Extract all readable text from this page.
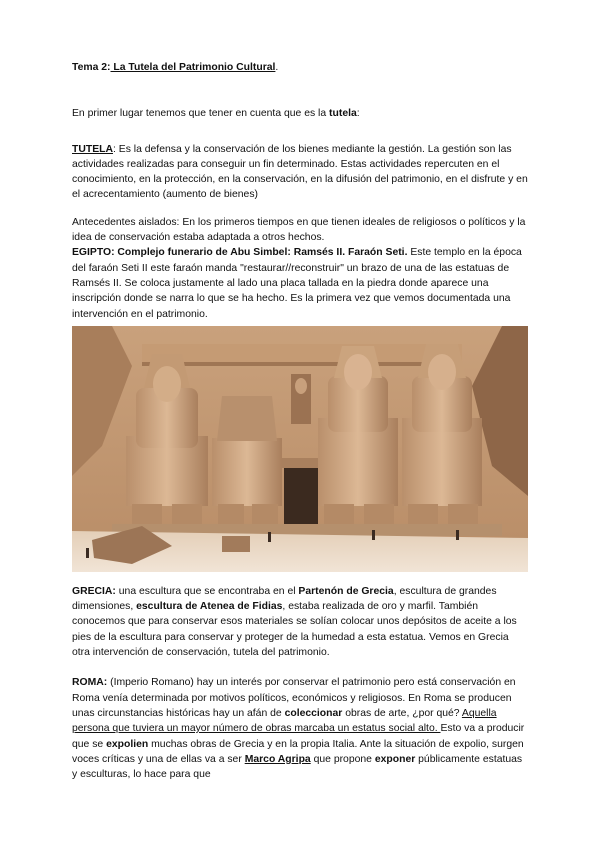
Tema 2: La Tutela del Patrimonio Cultural.

En primer lugar tenemos que tener en cuenta que es la tutela:

TUTELA: Es la defensa y la conservación de los bienes mediante la gestión. La gestión son las actividades realizadas para conseguir un fin determinado. Estas actividades repercuten en el conocimiento, en la protección, en la conservación, en la difusión del patrimonio, en el disfrute y en el acrecentamiento (aumento de bienes)

Antecedentes aislados: En los primeros tiempos en que tienen ideales de religiosos o políticos y la idea de conservación estaba adaptada a otros hechos.

EGIPTO: Complejo funerario de Abu Simbel: Ramsés II. Faraón Seti. Este templo en la época del faraón Seti II este faraón manda "restaurar//reconstruir" un brazo de una de las estatuas de Ramsés II. Se coloca justamente al lado una placa tallada en la piedra donde aparece una inscripción donde se narra lo que se ha hecho. Es la primera vez que vemos documentada una intervención en el patrimonio.

GRECIA: una escultura que se encontraba en el Partenón de Grecia, escultura de grandes dimensiones, escultura de Atenea de Fidias, estaba realizada de oro y marfil. También conocemos que para conservar esos materiales se solían colocar unos depósitos de aceite a los pies de la escultura para conservar y proteger de la humedad a esta estatua. Vemos en Grecia otra intervención de conservación, tutela del patrimonio.

ROMA: (Imperio Romano) hay un interés por conservar el patrimonio pero está conservación en Roma venía determinada por motivos políticos, económicos y religiosos. En Roma se producen unas circunstancias históricas hay un afán de coleccionar obras de arte, ¿por qué? Aquella persona que tuviera un mayor número de obras marcaba un estatus social alto. Esto va a producir que se expolien muchas obras de Grecia y en la propia Italia. Ante la situación de expolio, surgen voces críticas y una de ellas va a ser Marco Agripa que propone exponer públicamente estatuas y esculturas, lo hace para que
